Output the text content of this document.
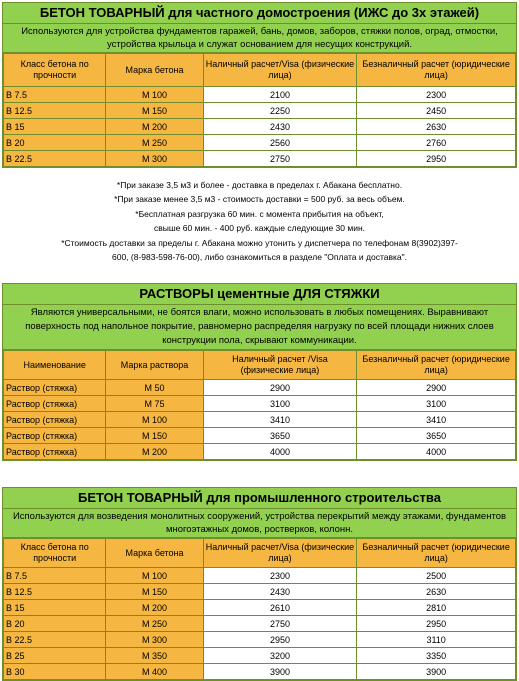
БЕТОН ТОВАРНЫЙ для частного домостроения (ИЖС до 3х этажей)
Используются для устройства фундаментов гаражей, бань, домов, заборов, стяжки полов, оград, отмостки, устройства крыльца и служат основанием для несущих конструкций.
Класс бетона по прочности	Марка бетона	Наличный расчет/Visa (физические лица)	Безналичный расчет (юридические лица)
В 7.5	М 100	2100	2300
В 12.5	М 150	2250	2450
В 15	М 200	2430	2630
В 20	М 250	2560	2760
В 22.5	М 300	2750	2950
*При заказе 3,5 м3 и более - доставка в пределах г. Абакана бесплатно.
*При заказе менее 3,5 м3 - стоимость доставки = 500 руб. за весь объем.
*Бесплатная разгрузка 60 мин. с момента прибытия на объект,
свыше 60 мин. - 400 руб. каждые следующие 30 мин.
*Стоимость доставки за пределы г. Абакана можно утонить у диспетчера по телефонам 8(3902)397-
600, (8-983-598-76-00), либо ознакомиться в разделе "Оплата и доставка".
РАСТВОРЫ цементные ДЛЯ СТЯЖКИ
Являются универсальными, не боятся влаги, можно использовать в любых помещениях. Выравнивают поверхность под напольное покрытие, равномерно распределяя нагрузку по всей площади нижних слоев конструкции пола, скрывают коммуникации.
Наименование	Марка раствора	Наличный расчет /Visa (физические лица)	Безналичный расчет (юридические лица)
Раствор (стяжка)	М 50	2900	2900
Раствор (стяжка)	М 75	3100	3100
Раствор (стяжка)	М 100	3410	3410
Раствор (стяжка)	М 150	3650	3650
Раствор (стяжка)	М 200	4000	4000
БЕТОН ТОВАРНЫЙ для промышленного строительства
Используются для возведения монолитных сооружений, устройства перекрытий между этажами, фундаментов многоэтажных домов, ростверков, колонн.
Класс бетона по прочности	Марка бетона	Наличный расчет/Visa (физические лица)	Безналичный расчет (юридические лица)
В 7.5	М 100	2300	2500
В 12.5	М 150	2430	2630
В 15	М 200	2610	2810
В 20	М 250	2750	2950
В 22.5	М 300	2950	3110
В 25	М 350	3200	3350
В 30	М 400	3900	3900
